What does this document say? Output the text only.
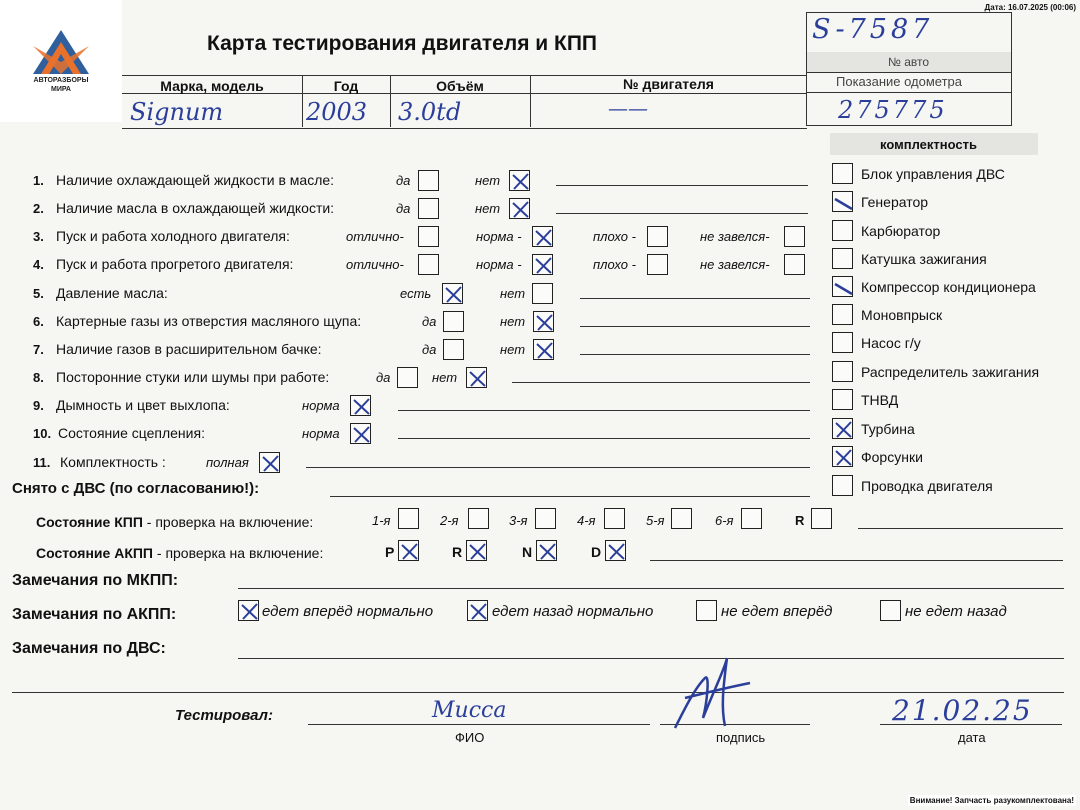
АВТОРАЗБОРЫ МИРА
Дата: 16.07.2025 (00:06)
Карта тестирования двигателя и КПП	S-7587
№ авто
Показание одометра
275775
Марка, модель	Год	Объём	№ двигателя
Signum	2003 3.0td	——
комплектность
1. Наличие охлаждающей жидкости в масле:	да	нет
2. Наличие масла в охлаждающей жидкости:	да	нет
3. Пуск и работа холодного двигателя:	отлично-	норма -	плохо -	не завелся-
4. Пуск и работа прогретого двигателя:	отлично-	норма -	плохо -	не завелся-
5. Давление масла:	есть	нет
6. Картерные газы из отверстия масляного щупа:	да	нет
7. Наличие газов в расширительном бачке:	да	нет
8. Посторонние стуки или шумы при работе:	да	нет
9. Дымность и цвет выхлопа:	норма
10. Состояние сцепления:	норма
11. Комплектность :	полная
Блок управления ДВС
Генератор
Карбюратор
Катушка зажигания
Компрессор кондиционера
Моновпрыск
Насос г/у
Распределитель зажигания
ТНВД
Турбина
Форсунки
Проводка двигателя
Снято с ДВС (по согласованию!):
Состояние КПП - проверка на включение:	1-я	2-я	3-я	4-я	5-я	6-я	R
Состояние АКПП - проверка на включение:	P	R	N	D
Замечания по МКПП:
Замечания по АКПП:	едет вперёд нормально	едет назад нормально	не едет вперёд	не едет назад
Замечания по ДВС:
Тестировал:	Мисса
ФИО	подпись
21.02.25
дата
Внимание! Запчасть разукомплектована!
